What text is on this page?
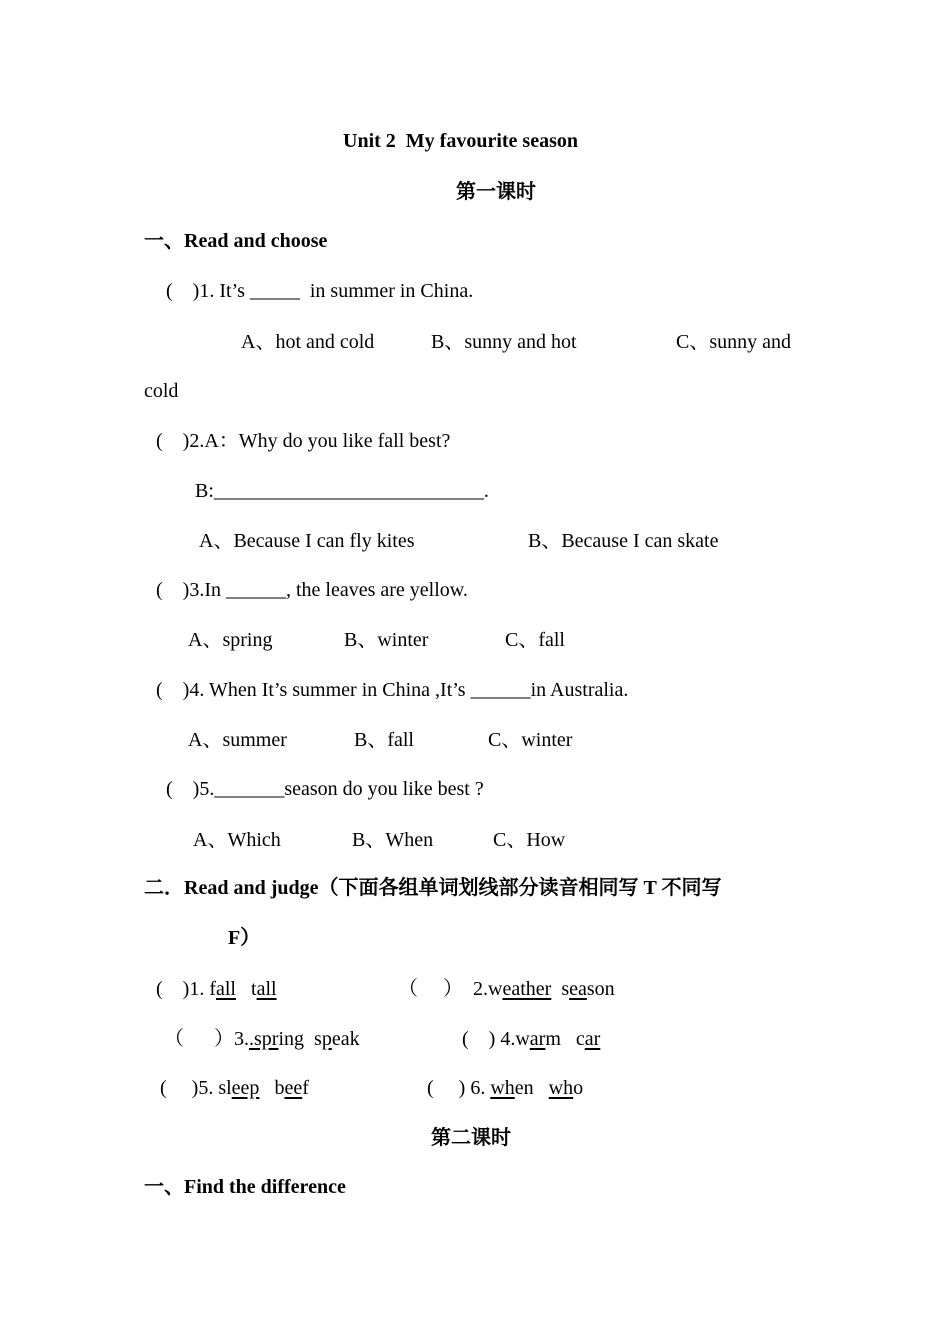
Unit 2  My favourite season
第一课时
一、Read and choose
(    )1. It’s _____  in summer in China.
A、hot and cold	B、sunny and hot	C、sunny and
cold
(    )2.A：Why do you like fall best?
B:___________________________.
A、Because I can fly kites	B、Because I can skate
(    )3.In ______, the leaves are yellow.
A、spring	B、winter	C、fall
(    )4. When It’s summer in China ,It’s ______in Australia.
A、summer	B、fall	C、winter
(    )5._______season do you like best ?
A、Which	B、When	C、How
二．Read and judge（下面各组单词划线部分读音相同写 T 不同写
F）
(    )1. fall tall	（     ）  2.weather season
（      ）3..spring speak	(    ) 4.warm car
(     )5. sleep beef	(     ) 6. when who
第二课时
一、Find the difference
